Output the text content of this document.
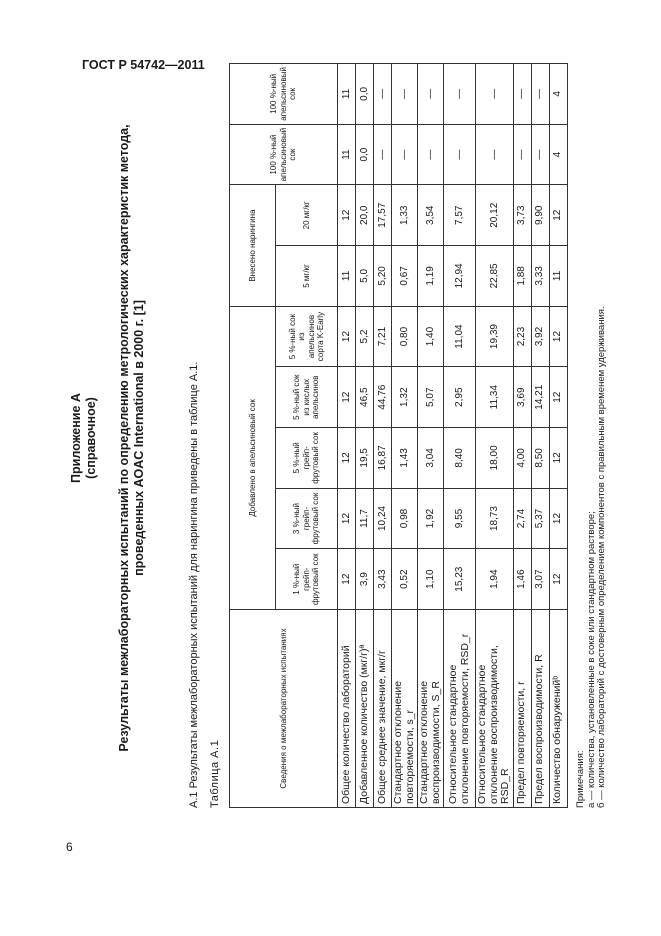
ГОСТ Р 54742—2011
6
Приложение А (справочное) Результаты межлабораторных испытаний по определению метрологических характеристик метода, проведенных AOAC International в 2000 г. [1]	А.1 Результаты межлабораторных испытаний для нарингина приведены в таблице А.1. Таблица А.1	Сведения о межлабораторных испытаниях	Добавлено в апельсиновый сок					Внесено нарингина		100 %-ный апельсиновый сок	100 %-ный апельсиновый сок
	1 %-ный грейп-фрутовый сок	3 %-ный грейп-фрутовый сок	5 %-ный грейп-фрутовый сок	5 %-ный сок из кислых апельсинов	5 %-ный сок из апельсинов сорта K-Early	5 мг/кг	20 мг/кг		
Общее количество лабораторий	12	12	12	12	12	11	12	11	11
Добавленное количество (мкг/г)ª	3,9	11,7	19,5	46,5	5,2	5,0	20,0	0,0	0,0
Общее среднее значение, мкг/г	3,43	10,24	16,87	44,76	7,21	5,20	17,57	—	—
Стандартное отклонение повторяемости, s_r	0,52	0,98	1,43	1,32	0,80	0,67	1,33	—	—
Стандартное отклонение воспроизводимости, S_R	1,10	1,92	3,04	5,07	1,40	1,19	3,54	—	—
Относительное стандартное отклонение повторяемости, RSD_r	15,23	9,55	8,40	2,95	11,04	12,94	7,57	—	—
Относительное стандартное отклонение воспроизводимости, RSD_R	1,94	18,73	18,00	11,34	19,39	22,85	20,12	—	—
Предел повторяемости, r	1,46	2,74	4,00	3,69	2,23	1,88	3,73	—	—
Предел воспроизводимости, R	3,07	5,37	8,50	14,21	3,92	3,33	9,90	—	—
Количество обнаруженийᵇ	12	12	12	12	12	11	12	4	4
Примечания: а — количества, установленные в соке или стандартном растворе; б — количество лабораторий с достоверным определением компонентов с правильным временем удерживания.
